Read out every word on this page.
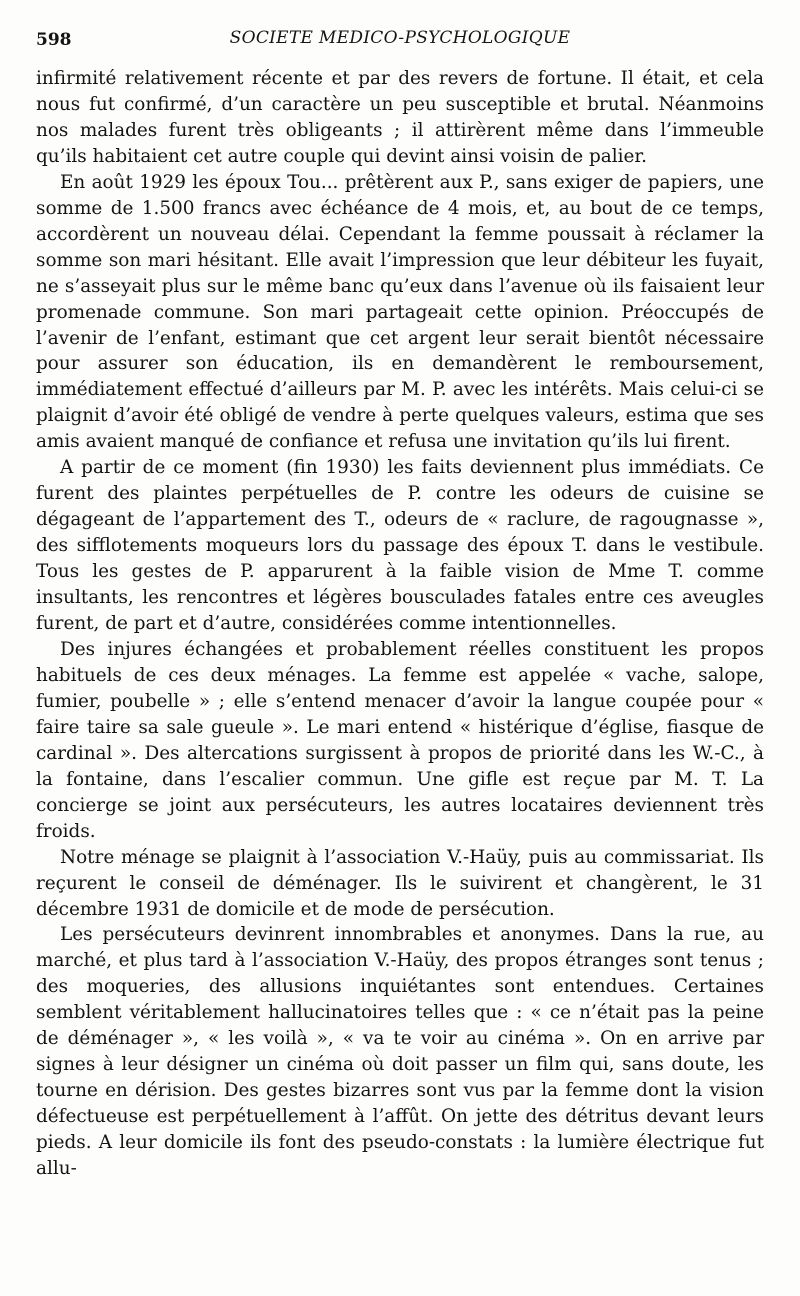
598	SOCIETE MEDICO-PSYCHOLOGIQUE

infirmité relativement récente et par des revers de fortune. Il était, et cela nous fut confirmé, d’un caractère un peu susceptible et brutal. Néanmoins nos malades furent très obligeants ; il attirèrent même dans l’immeuble qu’ils habitaient cet autre couple qui devint ainsi voisin de palier.

En août 1929 les époux Tou... prêtèrent aux P., sans exiger de papiers, une somme de 1.500 francs avec échéance de 4 mois, et, au bout de ce temps, accordèrent un nouveau délai. Cependant la femme poussait à réclamer la somme son mari hésitant. Elle avait l’impression que leur débiteur les fuyait, ne s’asseyait plus sur le même banc qu’eux dans l’avenue où ils faisaient leur promenade commune. Son mari partageait cette opinion. Préoccupés de l’avenir de l’enfant, estimant que cet argent leur serait bientôt nécessaire pour assurer son éducation, ils en demandèrent le remboursement, immédiatement effectué d’ailleurs par M. P. avec les intérêts. Mais celui-ci se plaignit d’avoir été obligé de vendre à perte quelques valeurs, estima que ses amis avaient manqué de confiance et refusa une invitation qu’ils lui firent.

A partir de ce moment (fin 1930) les faits deviennent plus immédiats. Ce furent des plaintes perpétuelles de P. contre les odeurs de cuisine se dégageant de l’appartement des T., odeurs de « raclure, de ragougnasse », des sifflotements moqueurs lors du passage des époux T. dans le vestibule. Tous les gestes de P. apparurent à la faible vision de Mme T. comme insultants, les rencontres et légères bousculades fatales entre ces aveugles furent, de part et d’autre, considérées comme intentionnelles.

Des injures échangées et probablement réelles constituent les propos habituels de ces deux ménages. La femme est appelée « vache, salope, fumier, poubelle » ; elle s’entend menacer d’avoir la langue coupée pour « faire taire sa sale gueule ». Le mari entend « histérique d’église, fiasque de cardinal ». Des altercations surgissent à propos de priorité dans les W.-C., à la fontaine, dans l’escalier commun. Une gifle est reçue par M. T. La concierge se joint aux persécuteurs, les autres locataires deviennent très froids.

Notre ménage se plaignit à l’association V.-Haüy, puis au commissariat. Ils reçurent le conseil de déménager. Ils le suivirent et changèrent, le 31 décembre 1931 de domicile et de mode de persécution.

Les persécuteurs devinrent innombrables et anonymes. Dans la rue, au marché, et plus tard à l’association V.-Haüy, des propos étranges sont tenus ; des moqueries, des allusions inquiétantes sont entendues. Certaines semblent véritablement hallucinatoires telles que : « ce n’était pas la peine de déménager », « les voilà », « va te voir au cinéma ». On en arrive par signes à leur désigner un cinéma où doit passer un film qui, sans doute, les tourne en dérision. Des gestes bizarres sont vus par la femme dont la vision défectueuse est perpétuellement à l’affût. On jette des détritus devant leurs pieds. A leur domicile ils font des pseudo-constats : la lumière électrique fut allu-
